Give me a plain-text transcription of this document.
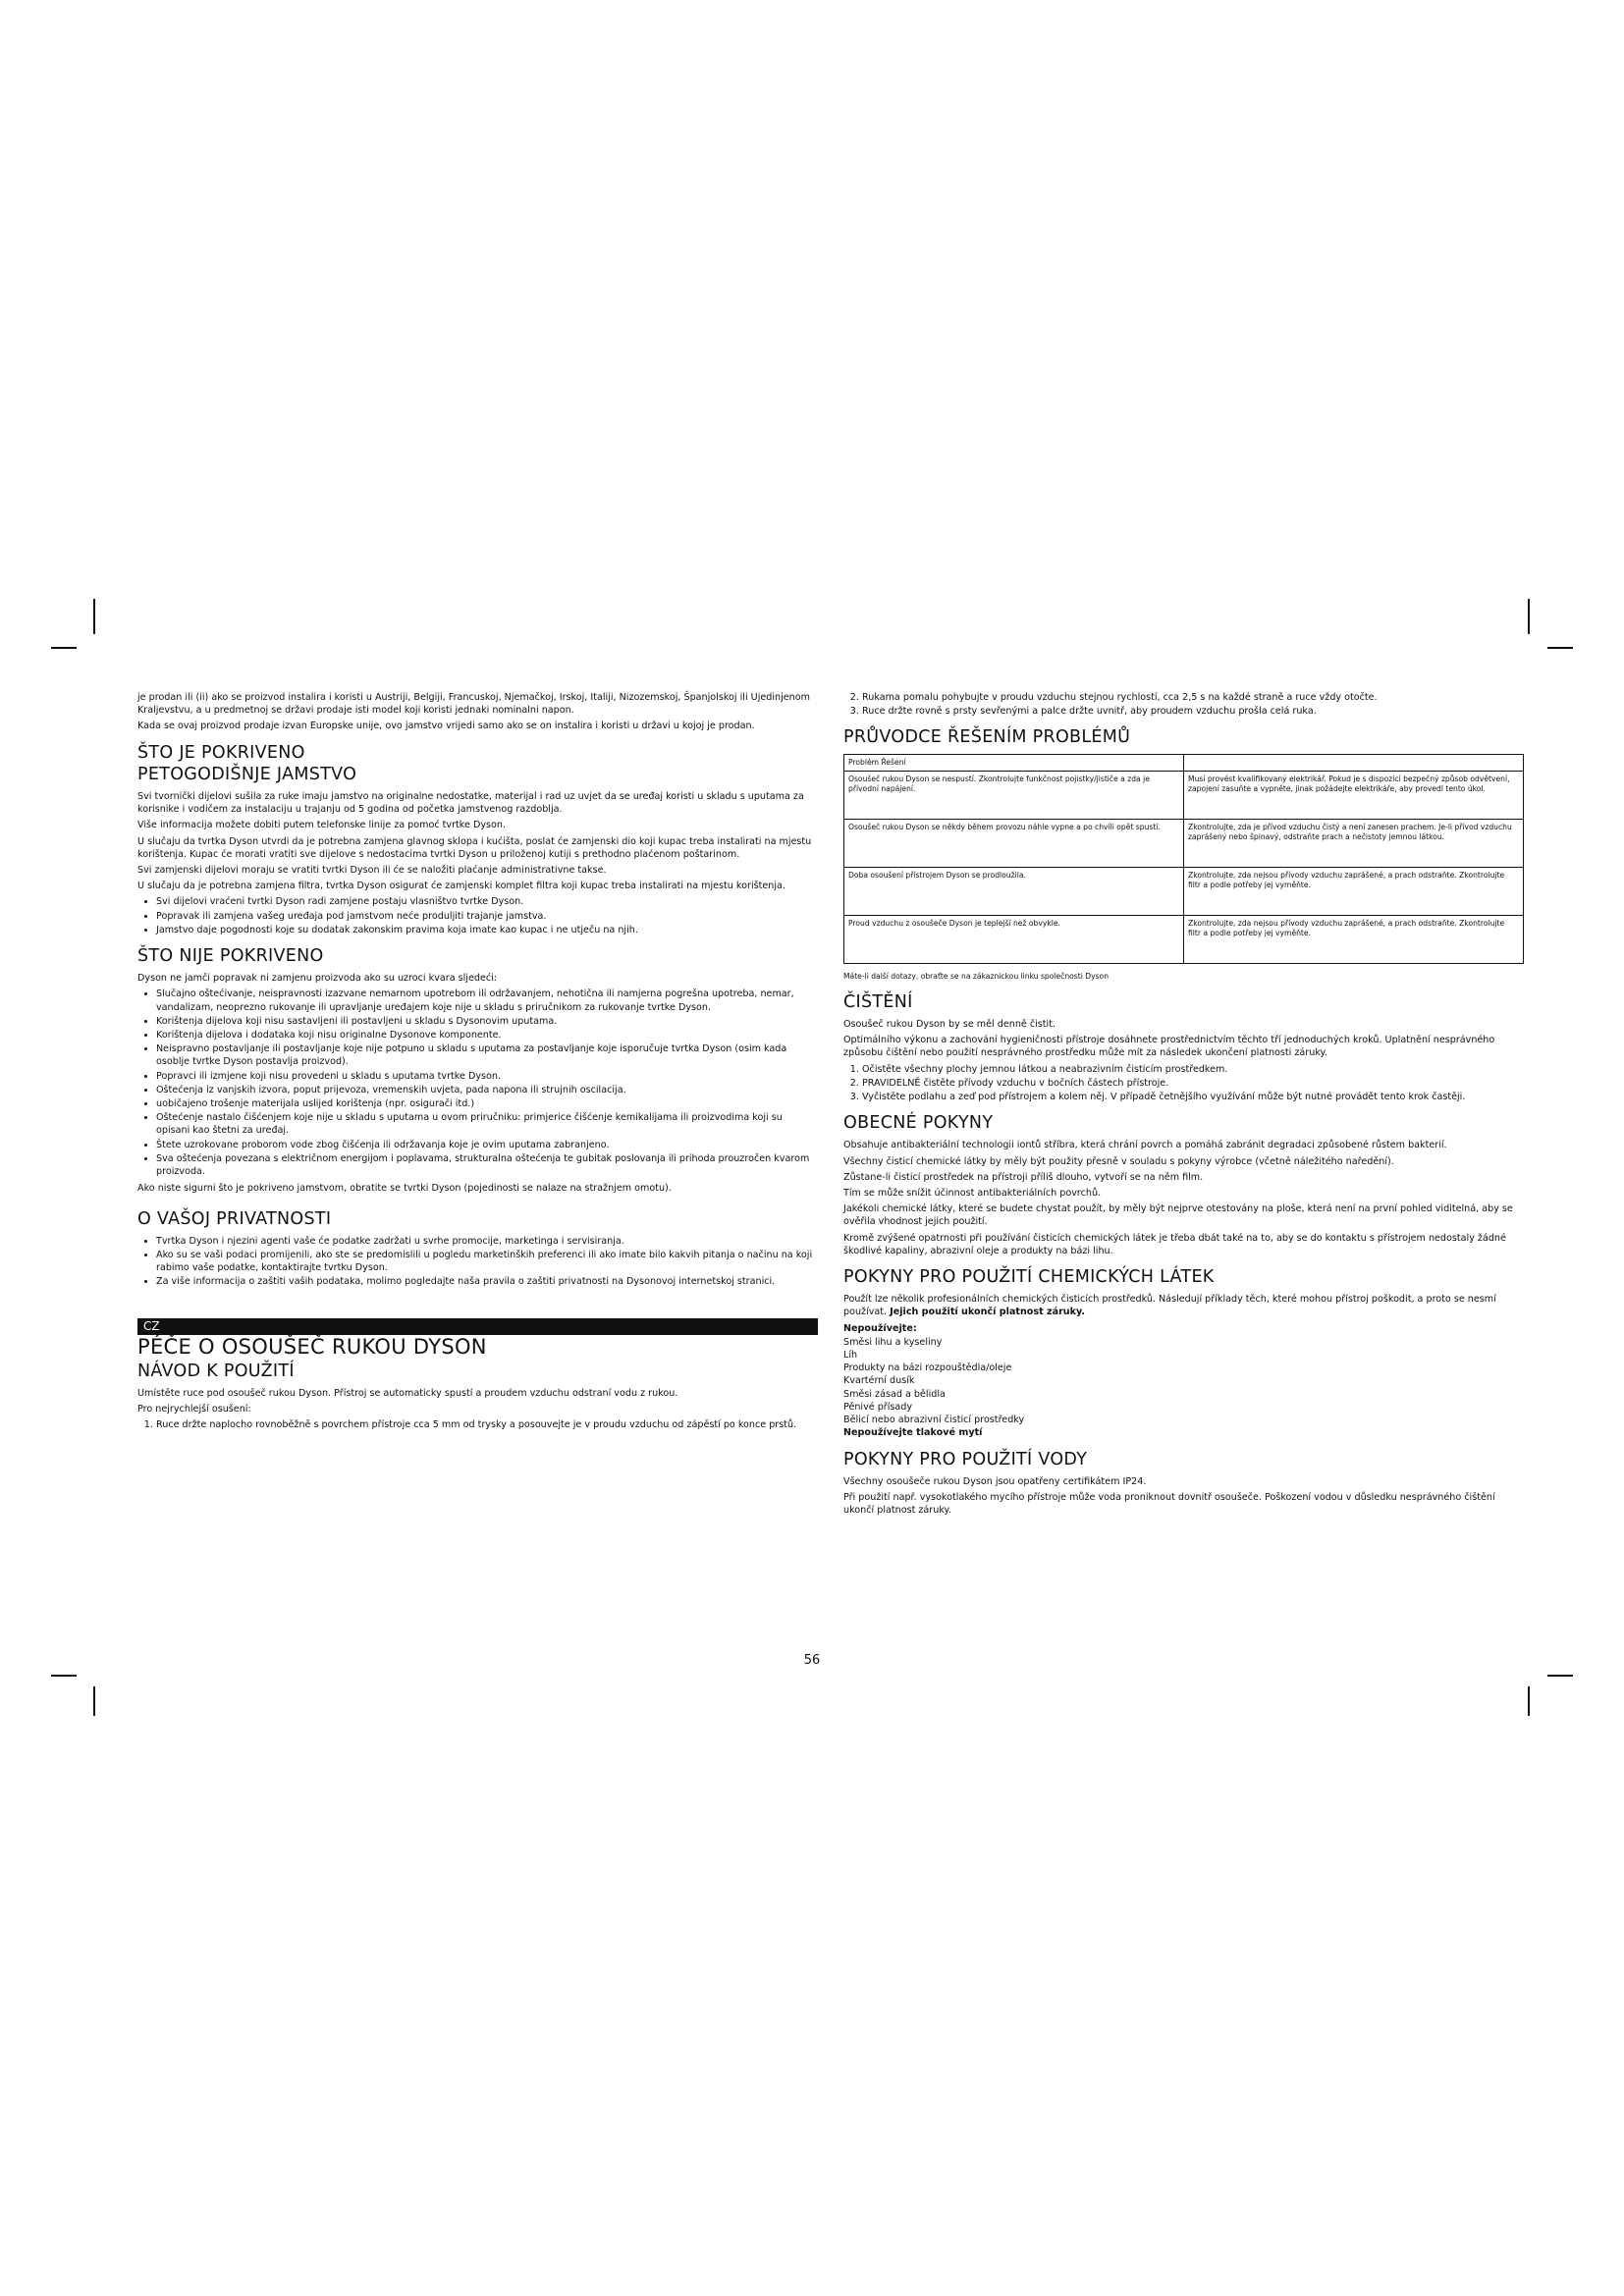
je prodan ili (ii) ako se proizvod instalira i koristi u Austriji, Belgiji, Francuskoj, Njemačkoj, Irskoj, Italiji, Nizozemskoj, Španjolskoj ili Ujedinjenom Kraljevstvu, a u predmetnoj se državi prodaje isti model koji koristi jednaki nominalni napon.

Kada se ovaj proizvod prodaje izvan Europske unije, ovo jamstvo vrijedi samo ako se on instalira i koristi u državi u kojoj je prodan.

ŠTO JE POKRIVENO
PETOGODIŠNJE JAMSTVO

Svi tvornički dijelovi sušila za ruke imaju jamstvo na originalne nedostatke, materijal i rad uz uvjet da se uređaj koristi u skladu s uputama za korisnike i vodičem za instalaciju u trajanju od 5 godina od početka jamstvenog razdoblja.

Više informacija možete dobiti putem telefonske linije za pomoć tvrtke Dyson.

U slučaju da tvrtka Dyson utvrdi da je potrebna zamjena glavnog sklopa i kućišta, poslat će zamjenski dio koji kupac treba instalirati na mjestu korištenja. Kupac će morati vratiti sve dijelove s nedostacima tvrtki Dyson u priloženoj kutiji s prethodno plaćenom poštarinom.

Svi zamjenski dijelovi moraju se vratiti tvrtki Dyson ili će se naložiti plaćanje administrativne takse.

U slučaju da je potrebna zamjena filtra, tvrtka Dyson osigurat će zamjenski komplet filtra koji kupac treba instalirati na mjestu korištenja.

• Svi dijelovi vraćeni tvrtki Dyson radi zamjene postaju vlasništvo tvrtke Dyson.
• Popravak ili zamjena vašeg uređaja pod jamstvom neće produljiti trajanje jamstva.
• Jamstvo daje pogodnosti koje su dodatak zakonskim pravima koja imate kao kupac i ne utječu na njih.
ŠTO NIJE POKRIVENO

Dyson ne jamči popravak ni zamjenu proizvoda ako su uzroci kvara sljedeći:

• Slučajno oštećivanje, neispravnosti izazvane nemarnom upotrebom ili održavanjem, nehotična ili namjerna pogrešna upotreba, nemar, vandalizam, neoprezno rukovanje ili upravljanje uređajem koje nije u skladu s priručnikom za rukovanje tvrtke Dyson.
• Korištenja dijelova koji nisu sastavljeni ili postavljeni u skladu s Dysonovim uputama.
• Korištenja dijelova i dodataka koji nisu originalne Dysonove komponente.
• Neispravno postavljanje ili postavljanje koje nije potpuno u skladu s uputama za postavljanje koje isporučuje tvrtka Dyson (osim kada osoblje tvrtke Dyson postavlja proizvod).
• Popravci ili izmjene koji nisu provedeni u skladu s uputama tvrtke Dyson.
• Oštećenja iz vanjskih izvora, poput prijevoza, vremenskih uvjeta, pada napona ili strujnih oscilacija.
• uobičajeno trošenje materijala uslijed korištenja (npr. osigurači itd.)
• Oštećenje nastalo čišćenjem koje nije u skladu s uputama u ovom priručniku: primjerice čišćenje kemikalijama ili proizvodima koji su opisani kao štetni za uređaj.
• Štete uzrokovane proborom vode zbog čišćenja ili održavanja koje je ovim uputama zabranjeno.
• Sva oštećenja povezana s električnom energijom i poplavama, strukturalna oštećenja te gubitak poslovanja ili prihoda prouzročen kvarom proizvoda.

Ako niste sigurni što je pokriveno jamstvom, obratite se tvrtki Dyson (pojedinosti se nalaze na stražnjem omotu).

O VAŠOJ PRIVATNOSTI
• Tvrtka Dyson i njezini agenti vaše će podatke zadržati u svrhe promocije, marketinga i servisiranja.
• Ako su se vaši podaci promijenili, ako ste se predomislili u pogledu marketinških preferenci ili ako imate bilo kakvih pitanja o načinu na koji rabimo vaše podatke, kontaktirajte tvrtku Dyson.
• Za više informacija o zaštiti vaših podataka, molimo pogledajte naša pravila o zaštiti privatnosti na Dysonovoj internetskoj stranici.
CZ
PÉČE O OSOUŠEČ RUKOU DYSON
NÁVOD K POUŽITÍ

Umístěte ruce pod osoušeč rukou Dyson. Přístroj se automaticky spustí a proudem vzduchu odstraní vodu z rukou.

Pro nejrychlejší osušení:

1. Ruce držte naplocho rovnoběžně s povrchem přístroje cca 5 mm od trysky a posouvejte je v proudu vzduchu od zápěstí po konce prstů.
2. Rukama pomalu pohybujte v proudu vzduchu stejnou rychlostí, cca 2,5 s na každé straně a ruce vždy otočte.
3. Ruce držte rovně s prsty sevřenými a palce držte uvnitř, aby proudem vzduchu prošla celá ruka.
PRŮVODCE ŘEŠENÍM PROBLÉMŮ
Problém Řešení	
Osoušeč rukou Dyson se nespustí. Zkontrolujte funkčnost pojistky/jističe a zda je přívodní napájení.	Musí provést kvalifikovaný elektrikář. Pokud je s dispozicí bezpečný způsob odvětvení, zapojení zasuňte a vypněte, jinak požádejte elektrikáře, aby provedl tento úkol.
Osoušeč rukou Dyson se někdy během provozu náhle vypne a po chvíli opět spustí.	Zkontrolujte, zda je přívod vzduchu čistý a není zanesen prachem. Je-li přívod vzduchu zaprášený nebo špinavý, odstraňte prach a nečistoty jemnou látkou.
Doba osoušení přístrojem Dyson se prodloužila.	Zkontrolujte, zda nejsou přívody vzduchu zaprášené, a prach odstraňte. Zkontrolujte filtr a podle potřeby jej vyměňte.
Proud vzduchu z osoušeče Dyson je teplejší než obvykle.	Zkontrolujte, zda nejsou přívody vzduchu zaprášené, a prach odstraňte. Zkontrolujte filtr a podle potřeby jej vyměňte.

Máte-li další dotazy, obraťte se na zákaznickou linku společnosti Dyson

ČIŠTĚNÍ

Osoušeč rukou Dyson by se měl denně čistit.

Optimálního výkonu a zachování hygieničnosti přístroje dosáhnete prostřednictvím těchto tří jednoduchých kroků. Uplatnění nesprávného způsobu čištění nebo použití nesprávného prostředku může mít za následek ukončení platnosti záruky.

1. Očistěte všechny plochy jemnou látkou a neabrazivním čisticím prostředkem.
2. PRAVIDELNĚ čistěte přívody vzduchu v bočních částech přístroje.
3. Vyčistěte podlahu a zeď pod přístrojem a kolem něj. V případě četnějšího využívání může být nutné provádět tento krok častěji.
OBECNÉ POKYNY

Obsahuje antibakteriální technologii iontů stříbra, která chrání povrch a pomáhá zabránit degradaci způsobené růstem bakterií.

Všechny čisticí chemické látky by měly být použity přesně v souladu s pokyny výrobce (včetně náležitého naředění).

Zůstane-li čisticí prostředek na přístroji příliš dlouho, vytvoří se na něm film.

Tím se může snížit účinnost antibakteriálních povrchů.

Jakékoli chemické látky, které se budete chystat použít, by měly být nejprve otestovány na ploše, která není na první pohled viditelná, aby se ověřila vhodnost jejich použití.

Kromě zvýšené opatrnosti při používání čisticích chemických látek je třeba dbát také na to, aby se do kontaktu s přístrojem nedostaly žádné škodlivé kapaliny, abrazivní oleje a produkty na bázi lihu.

POKYNY PRO POUŽITÍ CHEMICKÝCH LÁTEK

Použít lze několik profesionálních chemických čisticích prostředků. Následují příklady těch, které mohou přístroj poškodit, a proto se nesmí používat. Jejich použití ukončí platnost záruky.

Nepoužívejte:

Směsi lihu a kyseliny
Líh
Produkty na bázi rozpouštědla/oleje
Kvartérní dusík
Směsi zásad a bělidla
Pěnivé přísady
Bělicí nebo abrazivní čisticí prostředky
Nepoužívejte tlakové mytí
POKYNY PRO POUŽITÍ VODY

Všechny osoušeče rukou Dyson jsou opatřeny certifikátem IP24.

Při použití např. vysokotlakého mycího přístroje může voda proniknout dovnitř osoušeče. Poškození vodou v důsledku nesprávného čištění ukončí platnost záruky.

56
